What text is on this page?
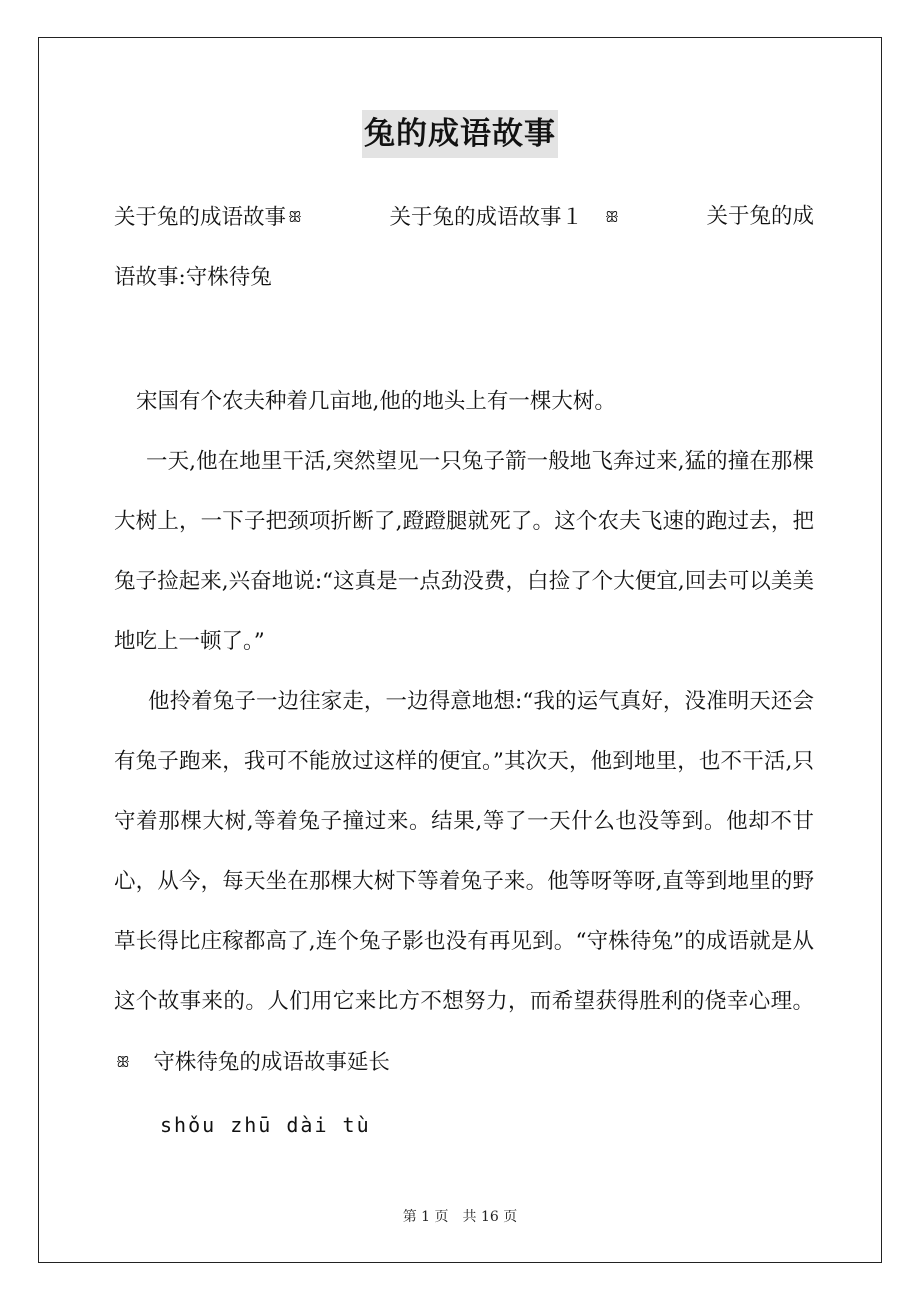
兔的成语故事

关于兔的成语故事 ꕥ	关于兔的成语故事１ ꕥ	关于兔的成

语故事:守株待兔

宋国有个农夫种着几亩地,他的地头上有一棵大树。

一天,他在地里干活,突然望见一只兔子箭一般地飞奔过来,猛的撞在那棵大树上，一下子把颈项折断了,蹬蹬腿就死了。这个农夫飞速的跑过去，把兔子捡起来,兴奋地说:“这真是一点劲没费，白捡了个大便宜,回去可以美美地吃上一顿了。”

他拎着兔子一边往家走，一边得意地想:“我的运气真好，没准明天还会有兔子跑来，我可不能放过这样的便宜。”其次天，他到地里，也不干活,只守着那棵大树,等着兔子撞过来。结果,等了一天什么也没等到。他却不甘心，从今，每天坐在那棵大树下等着兔子来。他等呀等呀,直等到地里的野草长得比庄稼都高了,连个兔子影也没有再见到。“守株待兔”的成语就是从这个故事来的。人们用它来比方不想努力，而希望获得胜利的侥幸心理。ꕥ  守株待兔的成语故事延长

shǒu zhū dài tù

第 1 页 共 16 页
